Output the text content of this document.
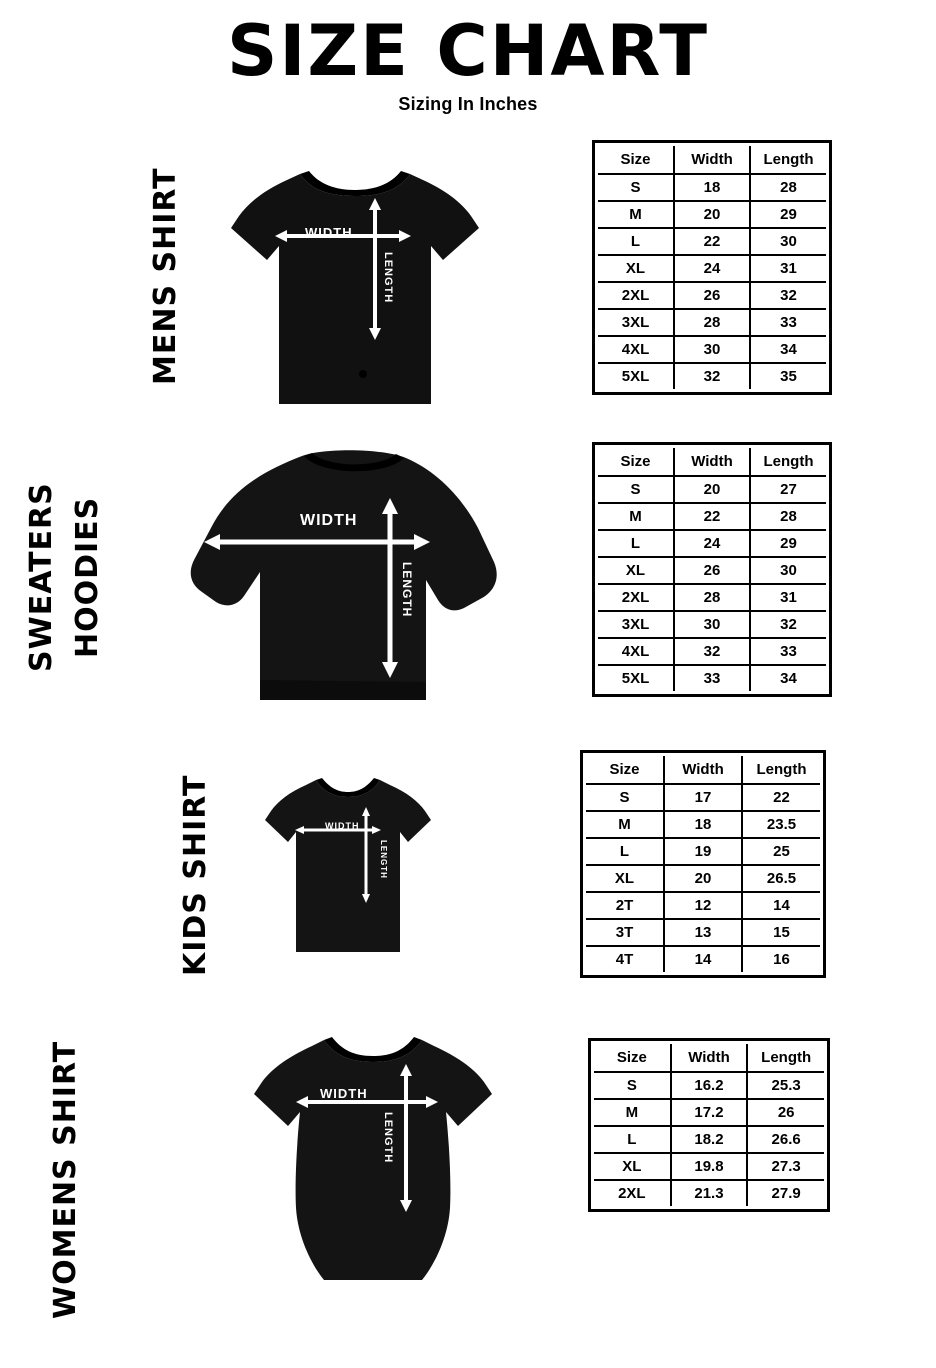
SIZE CHART
Sizing In Inches
MENS SHIRT	WIDTH
LENGTH
Size	Width	Length
S	18	28
M	20	29
L	22	30
XL	24	31
2XL	26	32
3XL	28	33
4XL	30	34
5XL	32	35
SWEATERS HOODIES	WIDTH
LENGTH
Size	Width	Length
S	20	27
M	22	28
L	24	29
XL	26	30
2XL	28	31
3XL	30	32
4XL	32	33
5XL	33	34
KIDS SHIRT	WIDTH
LENGTH
Size	Width	Length
S	17	22
M	18	23.5
L	19	25
XL	20	26.5
2T	12	14
3T	13	15
4T	14	16
WOMENS SHIRT	WIDTH
LENGTH
Size	Width	Length
S	16.2	25.3
M	17.2	26
L	18.2	26.6
XL	19.8	27.3
2XL	21.3	27.9
